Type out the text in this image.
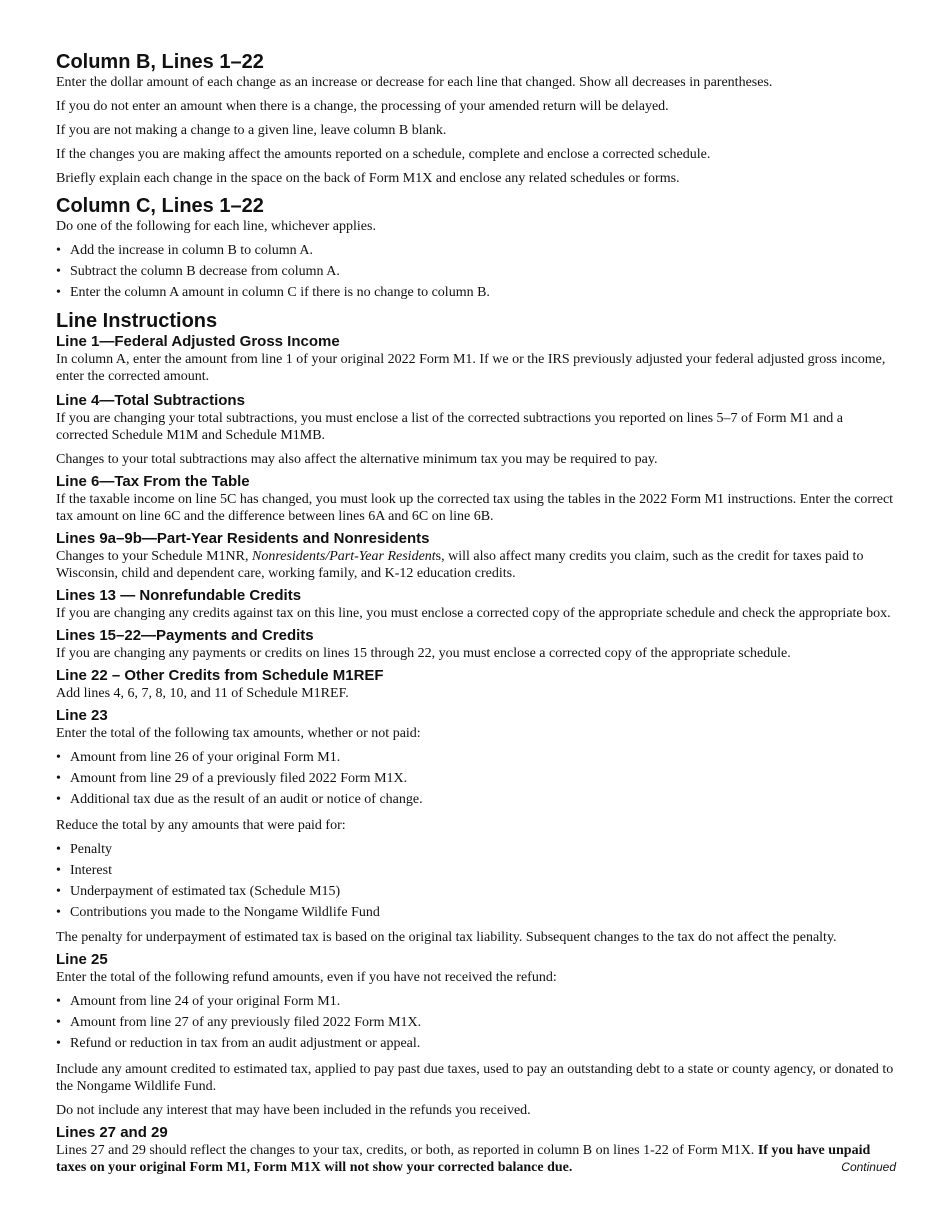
Column B, Lines 1–22

Enter the dollar amount of each change as an increase or decrease for each line that changed. Show all decreases in parentheses.

If you do not enter an amount when there is a change, the processing of your amended return will be delayed.

If you are not making a change to a given line, leave column B blank.

If the changes you are making affect the amounts reported on a schedule, complete and enclose a corrected schedule.

Briefly explain each change in the space on the back of Form M1X and enclose any related schedules or forms.

Column C, Lines 1–22

Do one of the following for each line, whichever applies.

• Add the increase in column B to column A.
• Subtract the column B decrease from column A.
• Enter the column A amount in column C if there is no change to column B.
Line Instructions
Line 1—Federal Adjusted Gross Income

In column A, enter the amount from line 1 of your original 2022 Form M1. If we or the IRS previously adjusted your federal adjusted gross income, enter the corrected amount.

Line 4—Total Subtractions

If you are changing your total subtractions, you must enclose a list of the corrected subtractions you reported on lines 5–7 of Form M1 and a corrected Schedule M1M and Schedule M1MB.

Changes to your total subtractions may also affect the alternative minimum tax you may be required to pay.

Line 6—Tax From the Table

If the taxable income on line 5C has changed, you must look up the corrected tax using the tables in the 2022 Form M1 instructions. Enter the correct tax amount on line 6C and the difference between lines 6A and 6C on line 6B.

Lines 9a–9b—Part-Year Residents and Nonresidents

Changes to your Schedule M1NR, Nonresidents/Part-Year Residents, will also affect many credits you claim, such as the credit for taxes paid to Wisconsin, child and dependent care, working family, and K-12 education credits.

Lines 13 — Nonrefundable Credits

If you are changing any credits against tax on this line, you must enclose a corrected copy of the appropriate schedule and check the appropriate box.

Lines 15–22—Payments and Credits

If you are changing any payments or credits on lines 15 through 22, you must enclose a corrected copy of the appropriate schedule.

Line 22 – Other Credits from Schedule M1REF

Add lines 4, 6, 7, 8, 10, and 11 of Schedule M1REF.

Line 23

Enter the total of the following tax amounts, whether or not paid:

• Amount from line 26 of your original Form M1.
• Amount from line 29 of a previously filed 2022 Form M1X.
• Additional tax due as the result of an audit or notice of change.

Reduce the total by any amounts that were paid for:

• Penalty
• Interest
• Underpayment of estimated tax (Schedule M15)
• Contributions you made to the Nongame Wildlife Fund

The penalty for underpayment of estimated tax is based on the original tax liability. Subsequent changes to the tax do not affect the penalty.

Line 25

Enter the total of the following refund amounts, even if you have not received the refund:

• Amount from line 24 of your original Form M1.
• Amount from line 27 of any previously filed 2022 Form M1X.
• Refund or reduction in tax from an audit adjustment or appeal.

Include any amount credited to estimated tax, applied to pay past due taxes, used to pay an outstanding debt to a state or county agency, or donated to the Nongame Wildlife Fund.

Do not include any interest that may have been included in the refunds you received.

Lines 27 and 29

Lines 27 and 29 should reflect the changes to your tax, credits, or both, as reported in column B on lines 1-22 of Form M1X. If you have unpaid taxes on your original Form M1, Form M1X will not show your corrected balance due.	Continued
